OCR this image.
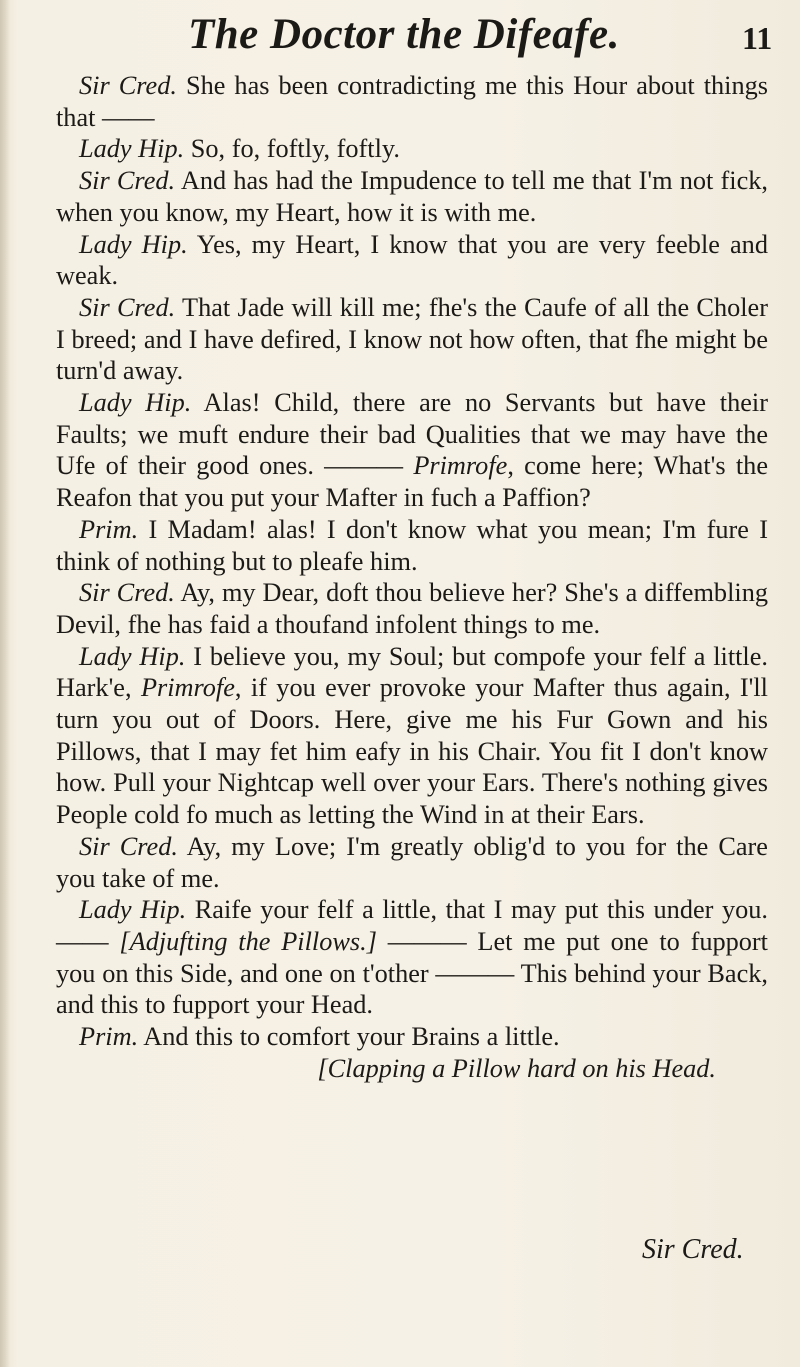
The Doctor the Difeafe.	11

Sir Cred. She has been contradicting me this Hour about things that ——

Lady Hip. So, fo, foftly, foftly.

Sir Cred. And has had the Impudence to tell me that I'm not fick, when you know, my Heart, how it is with me.

Lady Hip. Yes, my Heart, I know that you are very feeble and weak.

Sir Cred. That Jade will kill me; fhe's the Caufe of all the Choler I breed; and I have defired, I know not how often, that fhe might be turn'd away.

Lady Hip. Alas! Child, there are no Servants but have their Faults; we muft endure their bad Qualities that we may have the Ufe of their good ones. ——— Primrofe, come here; What's the Reafon that you put your Mafter in fuch a Paffion?

Prim. I Madam! alas! I don't know what you mean; I'm fure I think of nothing but to pleafe him.

Sir Cred. Ay, my Dear, doft thou believe her? She's a diffembling Devil, fhe has faid a thoufand infolent things to me.

Lady Hip. I believe you, my Soul; but compofe your felf a little. Hark'e, Primrofe, if you ever provoke your Mafter thus again, I'll turn you out of Doors. Here, give me his Fur Gown and his Pillows, that I may fet him eafy in his Chair. You fit I don't know how. Pull your Nightcap well over your Ears. There's nothing gives People cold fo much as letting the Wind in at their Ears.

Sir Cred. Ay, my Love; I'm greatly oblig'd to you for the Care you take of me.

Lady Hip. Raife your felf a little, that I may put this under you. —— [Adjufting the Pillows.] ——— Let me put one to fupport you on this Side, and one on t'other ——— This behind your Back, and this to fupport your Head.

Prim. And this to comfort your Brains a little.

[Clapping a Pillow hard on his Head.

Sir Cred.
